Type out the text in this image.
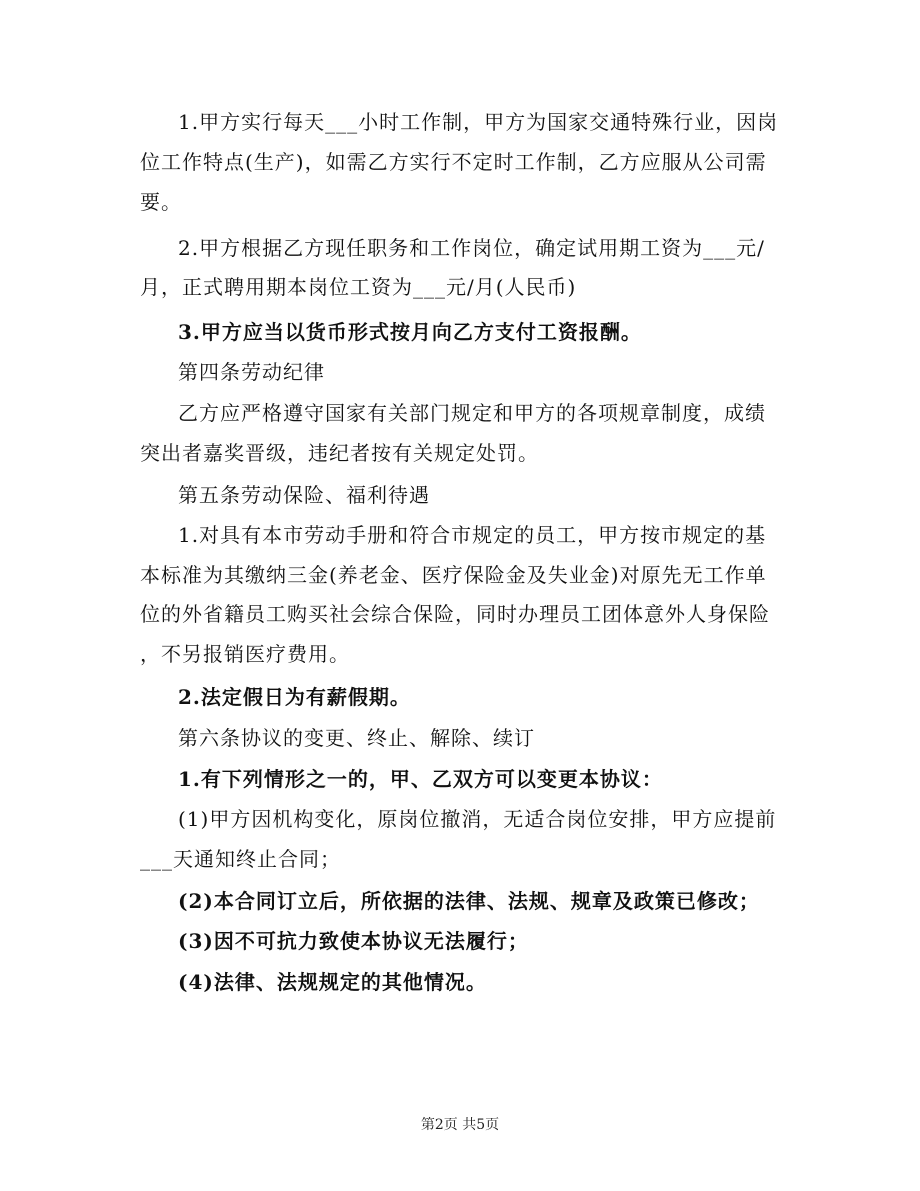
1.甲方实行每天___小时工作制，甲方为国家交通特殊行业，因岗

位工作特点(生产)，如需乙方实行不定时工作制，乙方应服从公司需

要。

2.甲方根据乙方现任职务和工作岗位，确定试用期工资为___元/

月，正式聘用期本岗位工资为___元/月(人民币)

3.甲方应当以货币形式按月向乙方支付工资报酬。

第四条劳动纪律

乙方应严格遵守国家有关部门规定和甲方的各项规章制度，成绩

突出者嘉奖晋级，违纪者按有关规定处罚。

第五条劳动保险、福利待遇

1.对具有本市劳动手册和符合市规定的员工，甲方按市规定的基

本标准为其缴纳三金(养老金、医疗保险金及失业金)对原先无工作单

位的外省籍员工购买社会综合保险，同时办理员工团体意外人身保险

，不另报销医疗费用。

2.法定假日为有薪假期。

第六条协议的变更、终止、解除、续订

1.有下列情形之一的，甲、乙双方可以变更本协议：

(1)甲方因机构变化，原岗位撤消，无适合岗位安排，甲方应提前

___天通知终止合同；

(2)本合同订立后，所依据的法律、法规、规章及政策已修改；

(3)因不可抗力致使本协议无法履行；

(4)法律、法规规定的其他情况。

第2页 共5页
